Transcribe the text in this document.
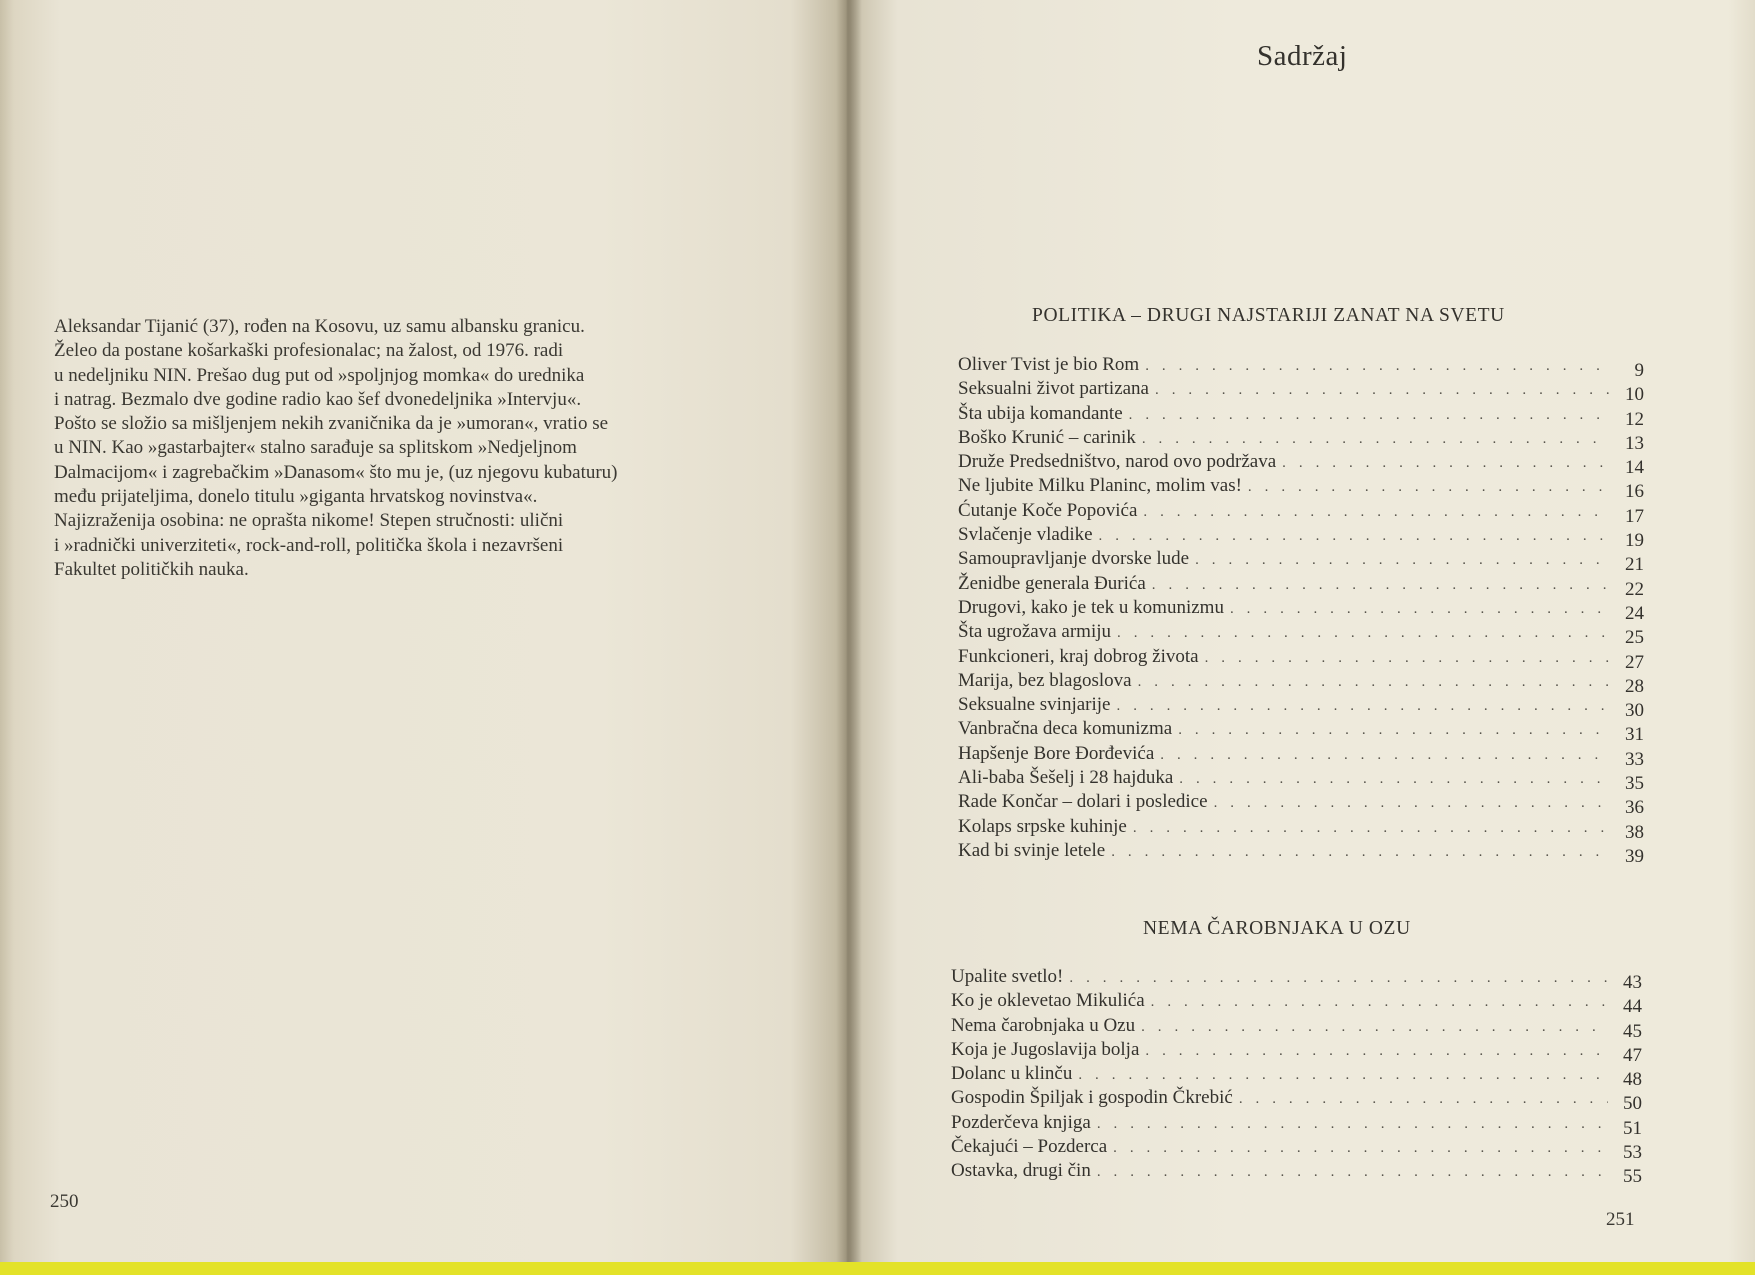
Aleksandar Tijanić (37), rođen na Kosovu, uz samu albansku granicu.
Želeo da postane košarkaški profesionalac; na žalost, od 1976. radi
u nedeljniku NIN. Prešao dug put od »spoljnjog momka« do urednika
i natrag. Bezmalo dve godine radio kao šef dvonedeljnika »Intervju«.
Pošto se složio sa mišljenjem nekih zvaničnika da je »umoran«, vratio se
u NIN. Kao »gastarbajter« stalno sarađuje sa splitskom »Nedjeljnom
Dalmacijom« i zagrebačkim »Danasom« što mu je, (uz njegovu kubaturu)
među prijateljima, donelo titulu »giganta hrvatskog novinstva«.
Najizraženija osobina: ne oprašta nikome! Stepen stručnosti: ulični
i »radnički univerziteti«, rock-and-roll, politička škola i nezavršeni
Fakultet političkih nauka.

250
Sadržaj
POLITIKA – DRUGI NAJSTARIJI ZANAT NA SVETU
Oliver Tvist je bio Rom . . .	9
Seksualni život partizana . . .	10
Šta ubija komandante . . .	12
Boško Krunić – carinik . . .	13
Druže Predsedništvo, narod ovo podržava . . .	14
Ne ljubite Milku Planinc, molim vas! . . .	16
Ćutanje Koče Popovića . . .	17
Svlačenje vladike . . .	19
Samoupravljanje dvorske ludе . . .	21
Ženidbe generala Đurića . . .	22
Drugovi, kako je tek u komunizmu . . .	24
Šta ugrožava armiju . . .	25
Funkcioneri, kraj dobrog života . . .	27
Marija, bez blagoslova . . .	28
Seksualne svinjarije . . .	30
Vanbračna deca komunizma . . .	31
Hapšenje Bore Đorđevića . . .	33
Ali-baba Šešelj i 28 hajduka . . .	35
Rade Končar – dolari i posledice . . .	36
Kolaps srpske kuhinje . . .	38
Kad bi svinje letele . . .	39
NEMA ČAROBNJAKA U OZU
Upalite svetlo! . . .	43
Ko je oklevetao Mikulića . . .	44
Nema čarobnjaka u Ozu . . .	45
Koja je Jugoslavija bolja . . .	47
Dolanc u klinču . . .	48
Gospodin Špiljak i gospodin Čkrebić . . .	50
Pozderčeva knjiga . . .	51
Čekajući – Pozderca . . .	53
Ostavka, drugi čin . . .	55
251
